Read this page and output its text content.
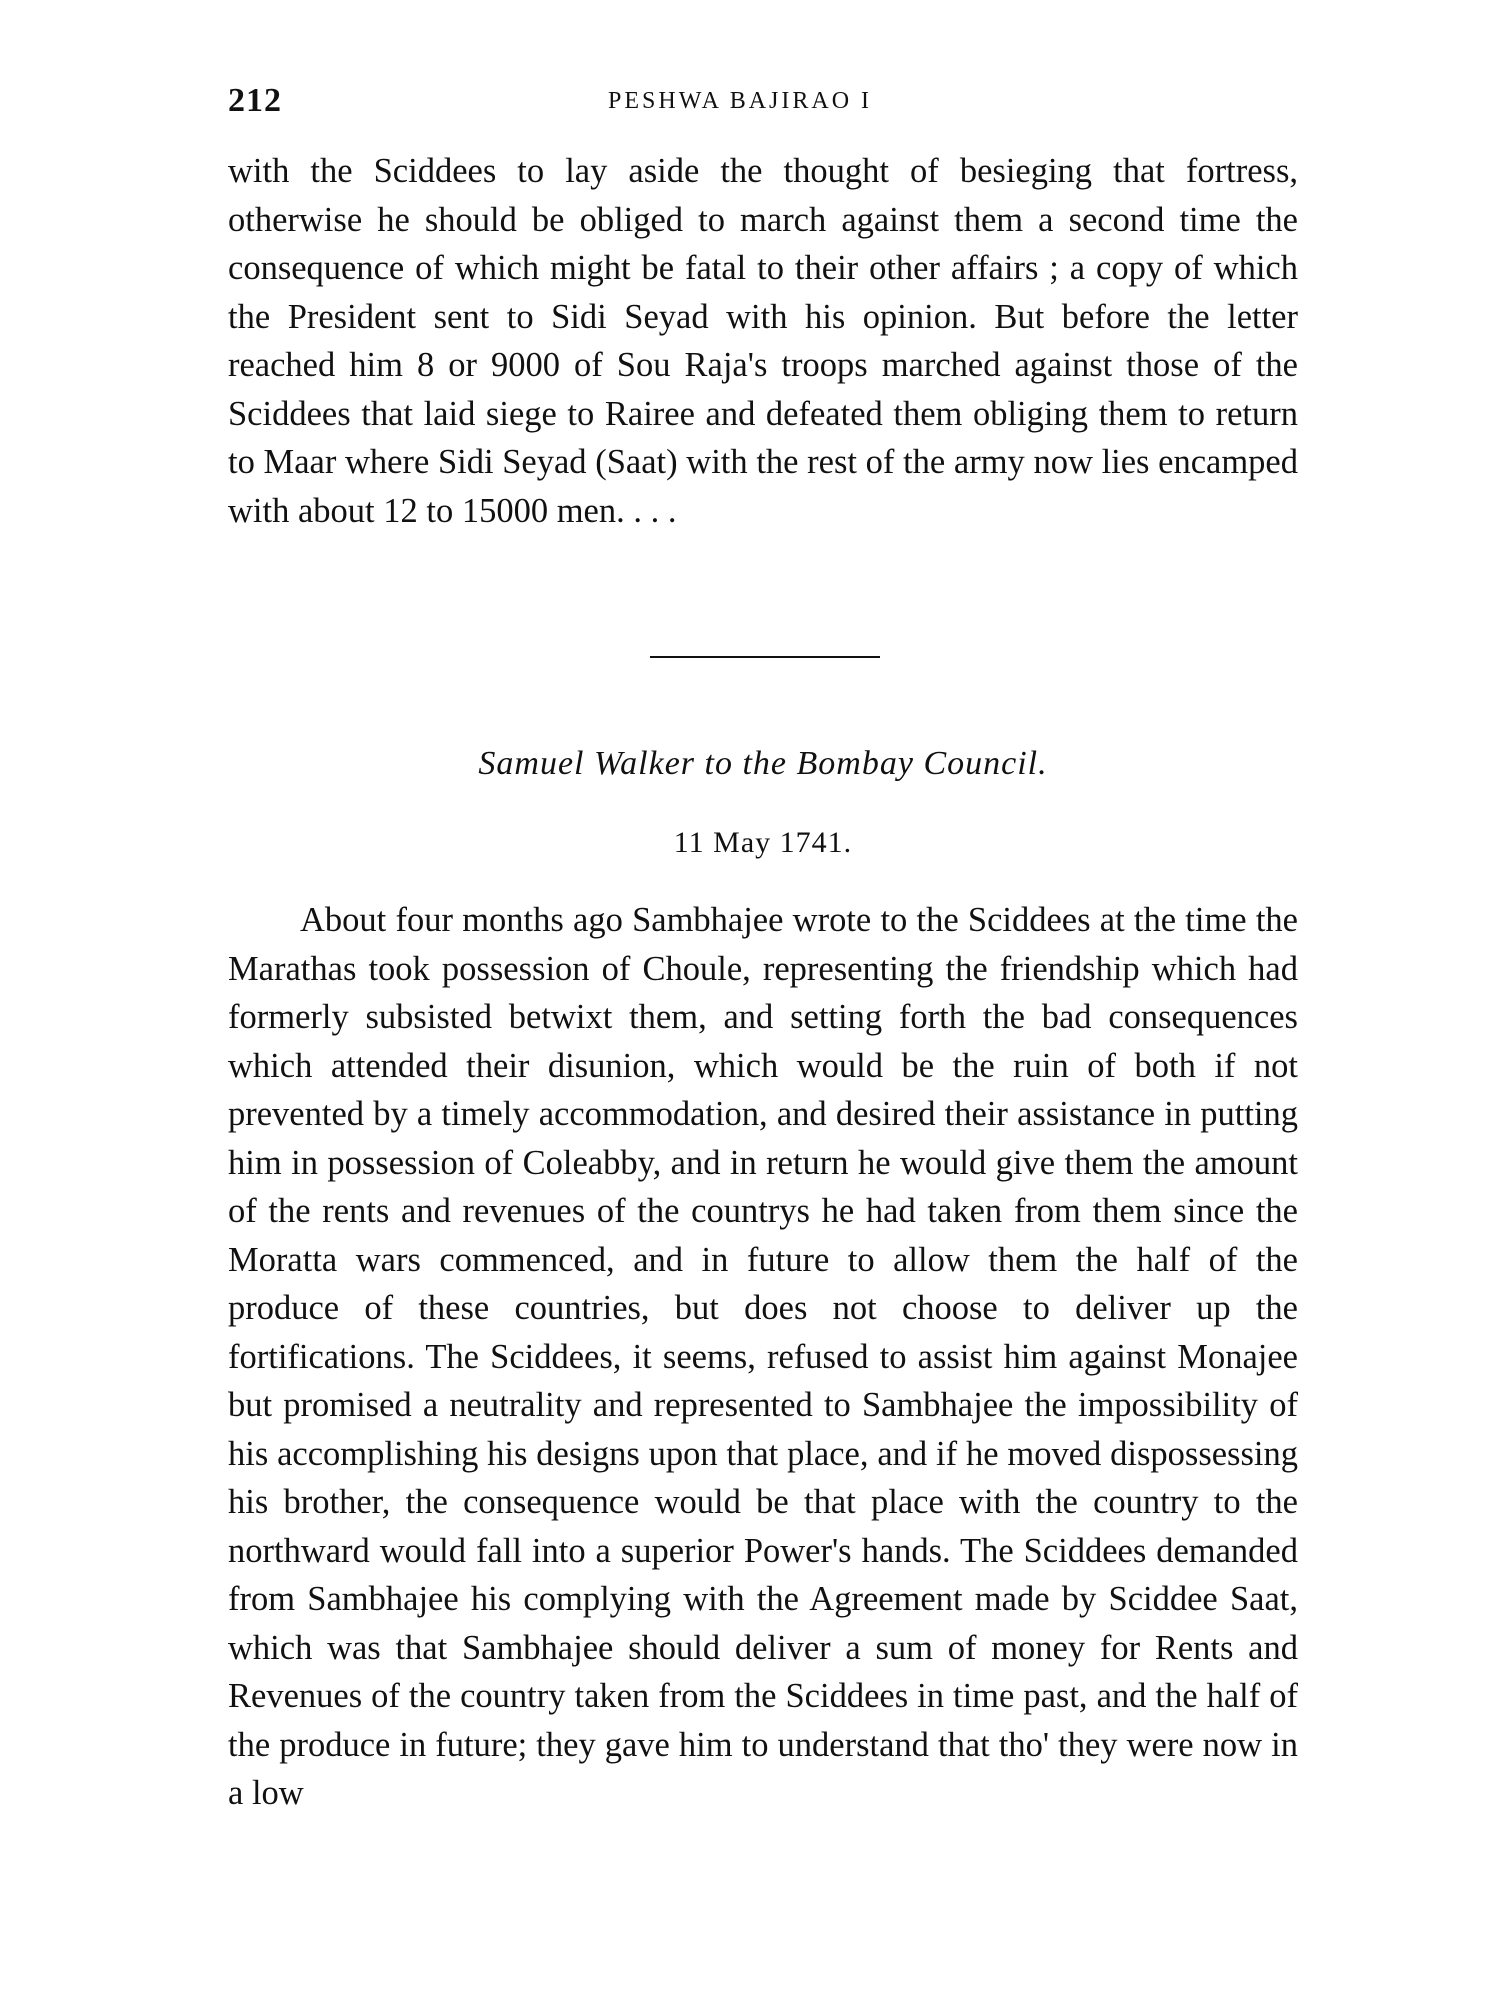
212	PESHWA BAJIRAO I

with the Sciddees to lay aside the thought of besieging that fortress, otherwise he should be obliged to march against them a second time the consequence of which might be fatal to their other affairs ; a copy of which the President sent to Sidi Seyad with his opinion. But before the letter reached him 8 or 9000 of Sou Raja's troops marched against those of the Sciddees that laid siege to Rairee and defeated them obliging them to return to Maar where Sidi Seyad (Saat) with the rest of the army now lies encamped with about 12 to 15000 men. . . .

Samuel Walker to the Bombay Council.
11 May 1741.

About four months ago Sambhajee wrote to the Sciddees at the time the Marathas took possession of Choule, representing the friendship which had formerly subsisted betwixt them, and setting forth the bad consequences which attended their disunion, which would be the ruin of both if not prevented by a timely accommodation, and desired their assistance in putting him in possession of Coleabby, and in return he would give them the amount of the rents and revenues of the countrys he had taken from them since the Moratta wars commenced, and in future to allow them the half of the produce of these countries, but does not choose to deliver up the fortifications. The Sciddees, it seems, refused to assist him against Monajee but promised a neutrality and represented to Sambhajee the impossibility of his accomplishing his designs upon that place, and if he moved dispossessing his brother, the consequence would be that place with the country to the northward would fall into a superior Power's hands. The Sciddees demanded from Sambhajee his complying with the Agreement made by Sciddee Saat, which was that Sambhajee should deliver a sum of money for Rents and Revenues of the country taken from the Sciddees in time past, and the half of the produce in future; they gave him to understand that tho' they were now in a low
